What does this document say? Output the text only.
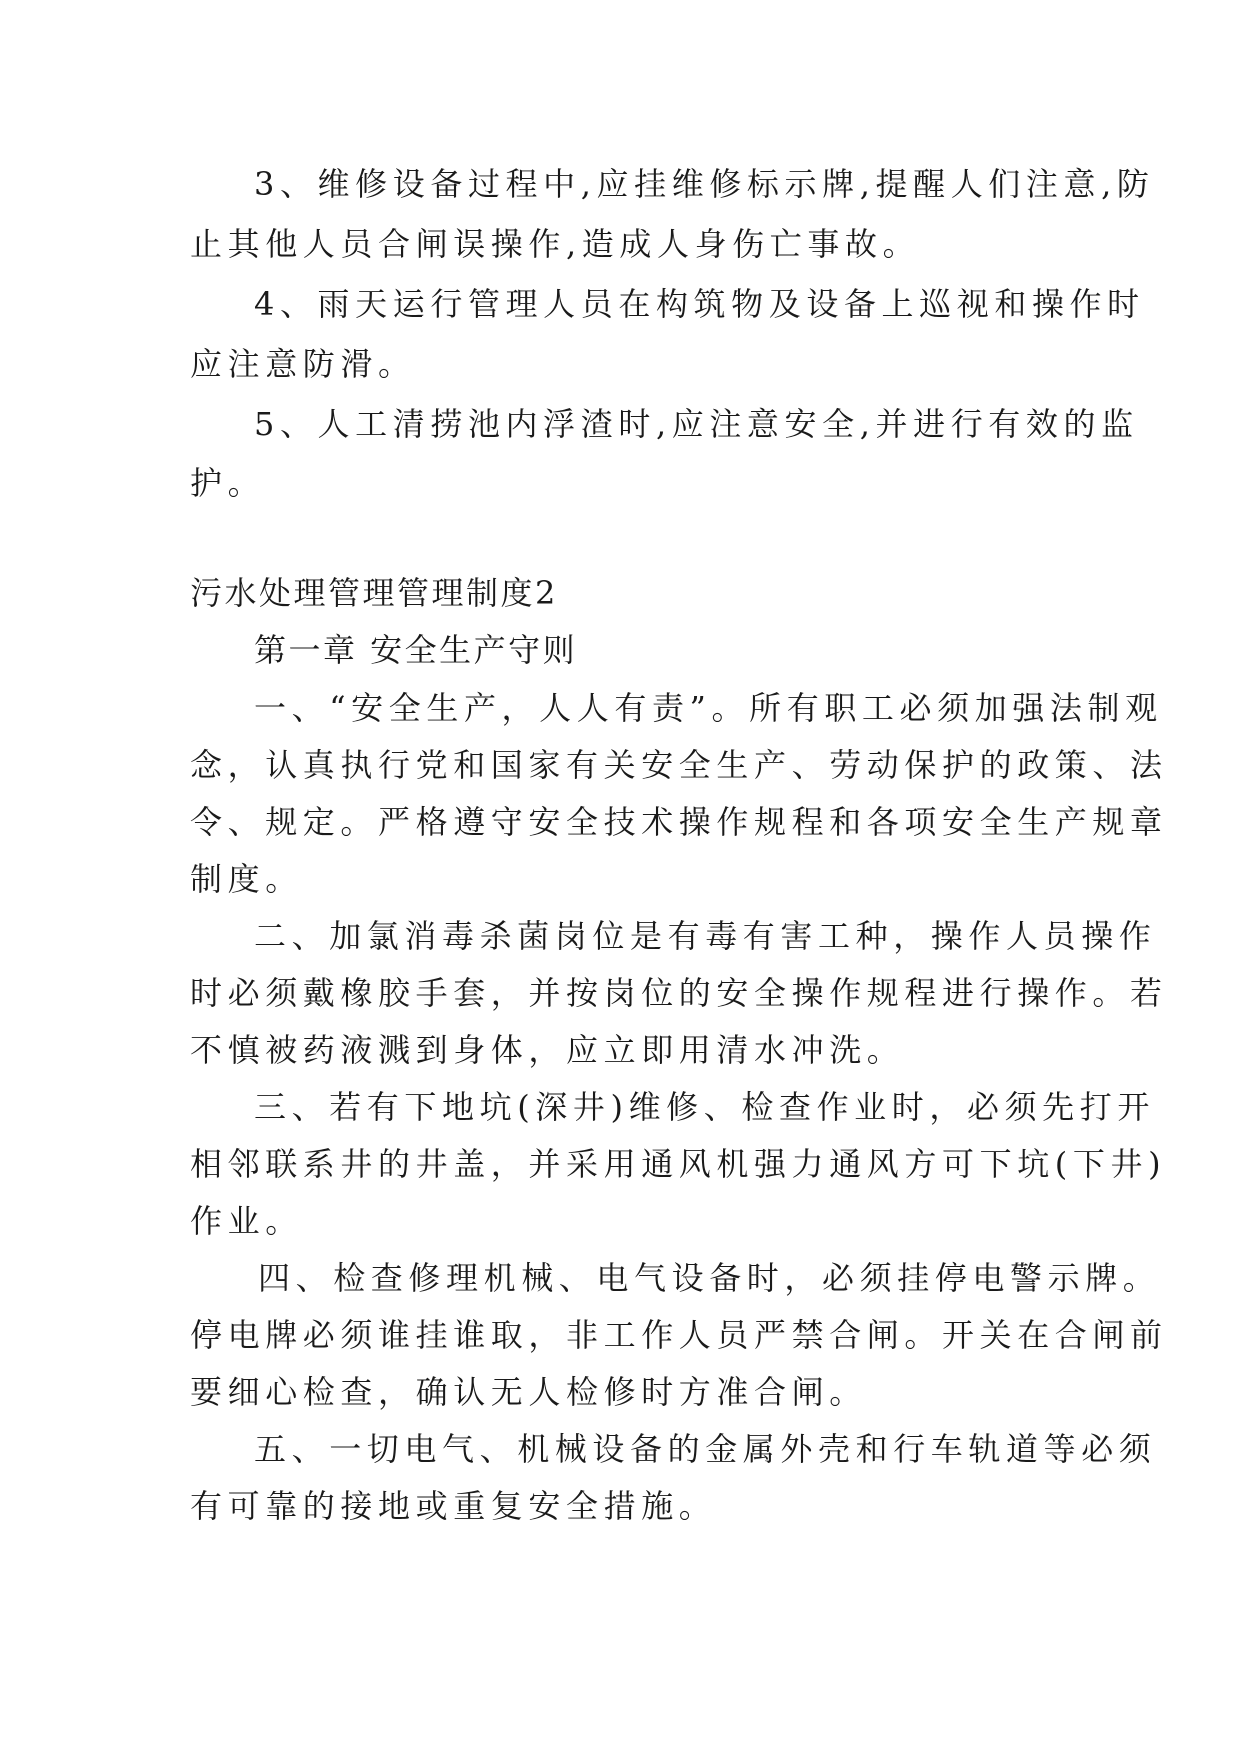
3、维修设备过程中,应挂维修标示牌,提醒人们注意,防
止其他人员合闸误操作,造成人身伤亡事故。
4、雨天运行管理人员在构筑物及设备上巡视和操作时
应注意防滑。
5、人工清捞池内浮渣时,应注意安全,并进行有效的监
护。
污水处理管理管理制度2
第一章 安全生产守则
一、“安全生产，人人有责”。所有职工必须加强法制观
念，认真执行党和国家有关安全生产、劳动保护的政策、法
令、规定。严格遵守安全技术操作规程和各项安全生产规章
制度。
二、加氯消毒杀菌岗位是有毒有害工种，操作人员操作
时必须戴橡胶手套，并按岗位的安全操作规程进行操作。若
不慎被药液溅到身体，应立即用清水冲洗。
三、若有下地坑(深井)维修、检查作业时，必须先打开
相邻联系井的井盖，并采用通风机强力通风方可下坑(下井)
作业。
四、检查修理机械、电气设备时，必须挂停电警示牌。
停电牌必须谁挂谁取，非工作人员严禁合闸。开关在合闸前
要细心检查，确认无人检修时方准合闸。
五、一切电气、机械设备的金属外壳和行车轨道等必须
有可靠的接地或重复安全措施。
